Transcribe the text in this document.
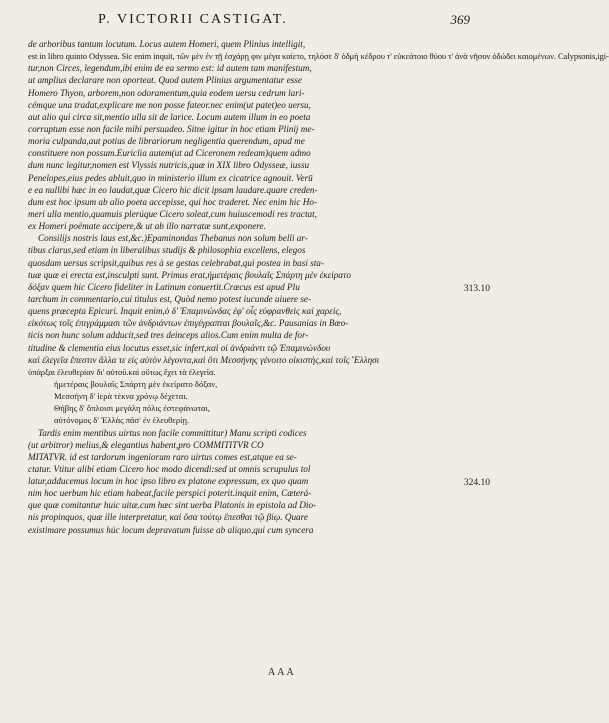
P. VICTORII CASTIGAT.	369
de arboribus tantum locutum. Locus autem Homeri, quem Plinius intelligit,
est in libro quinto Odyssea. Sic enim inquit, τῶν μὲν ἐν τῇ ἐσχάρῃ φιν μέγα καίετο, τηλόσε δ' ὀδμὴ κέδρου τ' εὐκεάτοιο θύου τ' ἀνὰ νῆσον ὀδώδει καιομένων. Calypsonis,igi-
tur,non Circes, legendum,ibi enim de ea sermo est: id autem tam manifestum,
ut amplius declarare non oporteat. Quod autem Plinius argumentatur esse
Homero Thyon, arborem,non odoramentum,quia eodem uersu cedrum lari-
cémque una tradat,explicare me non posse fateor.nec enim(ut patet)eo uersu,
aut alio qui circa sit,mentio ulla sit de larice. Locum autem illum in eo poeta
corruptum esse non facile mihi persuadeo. Sitne igitur in hoc etiam Plinij me-
moria culpanda,aut potius de librariorum negligentia querendum, apud me
constituere non possum.Euriclia autem(ut ad Ciceronem redeam)quem admo
dum nunc legitur,nomen est Vlyssis nutricis,quæ in XIX libro Odysseæ, iussu
Penelopes,eius pedes abluit,quo in ministerio illum ex cicatrice agnouit. Verū
e ea nullibi hæc in eo laudat,quæ Cicero hic dicit ipsam laudare.quare creden-
dum est hoc ipsum ab alio poeta accepisse, qui hoc traderet. Nec enim hic Ho-
meri ulla mentio,quamuis plerúque Cicero soleat,cum huiuscemodi res tractat,
ex Homeri poëmate accipere,& ut ab illo narratæ sunt,exponere.
Consilijs nostris laus est,&c.)Epaminondas Thebanus non solum belli ar-
tibus clarus,sed etiam in liberalibus studijs & philosophia excellens, elegos
quosdam uersus scripsit,quibus res à se gestas celebrabat,qui postea in basi sta-
tuæ quæ ei erecta est,insculpti sunt. Primus erat,ἡμετέραις βουλαῖς Σπάρτη μὲν ἐκείρατο
δόξαν quem hic Cicero fideliter in Latinum conuertit.Cræcus est apud Plu
tarchum in commentario,cui titulus est, Quòd nemo potest iucunde uiuere se-
quens præcepta Epicuri. Inquit enim,ὁ δ' Ἐπαμινώνδας ἐφ' οἷς εὐφρανθεὶς καὶ χαρεὶς,
εἰκότως τοῖς ἐπιγράμμασι τῶν ἀνδριάντων ἐπιγέγραπται βουλαῖς,&c. Pausanias in Bœo-
ticis non hunc solum adducit,sed tres deinceps alios.Cum enim multa de for-
titudine & clementia eius locutus esset,sic infert,καὶ οἱ ἀνδριάντι τῷ Ἐπαμινώνδου
καὶ ἐλεγεῖα ἔπεστιν ἄλλα τε εἰς αὐτὸν λέγοντα,καὶ ὅτι Μεσσήνης γένοιτο οἰκιστὴς,καὶ τοῖς Ἕλλησι
ὑπάρξαι ἐλευθερίαν δι' αὐτοῦ.καὶ οὕτως ἔχει τὰ ἐλεγεῖα.
ἡμετέραις βουλαῖς Σπάρτη μὲν ἐκείρατο δόξαν,
Μεσσήνη δ' ἱερὰ τέκνα χρόνῳ δέχεται.
Θήβης δ' ὅπλοισι μεγάλη πόλις ἐστεφάνωται,
αὐτόνομος δ' Ἑλλὰς πᾶσ' ἐν ἐλευθερίῃ.
Tardis enim mentibus uirtus non facile committitur) Manu scripti codices
(ut arbitror) melius,& elegantius habent,pro COMMITITVR CO
MITATVR. id est tardorum ingeniorum raro uirtus comes est,atque ea se-
ctatur. Vtitur alibi etiam Cicero hoc modo dicendi:sed ut omnis scrupulus tol
latur,adducemus locum in hoc ipso libro ex platone expressum, ex quo quam
nim hoc uerbum hic etiam habeat,facile perspici poterit.inquit enim, Cæterá-
que quæ comitantur huic uitæ.cum hæc sint uerba Platonis in epistola ad Dio-
nis propinquos, quæ ille interpretatur, καὶ ὅσα τούτῳ ἕπεσθαι τῷ βίῳ. Quare
existimare possumus húc locum depravatum fuisse ab aliquo,qui cum syncera
313.10
324.10
AAA
